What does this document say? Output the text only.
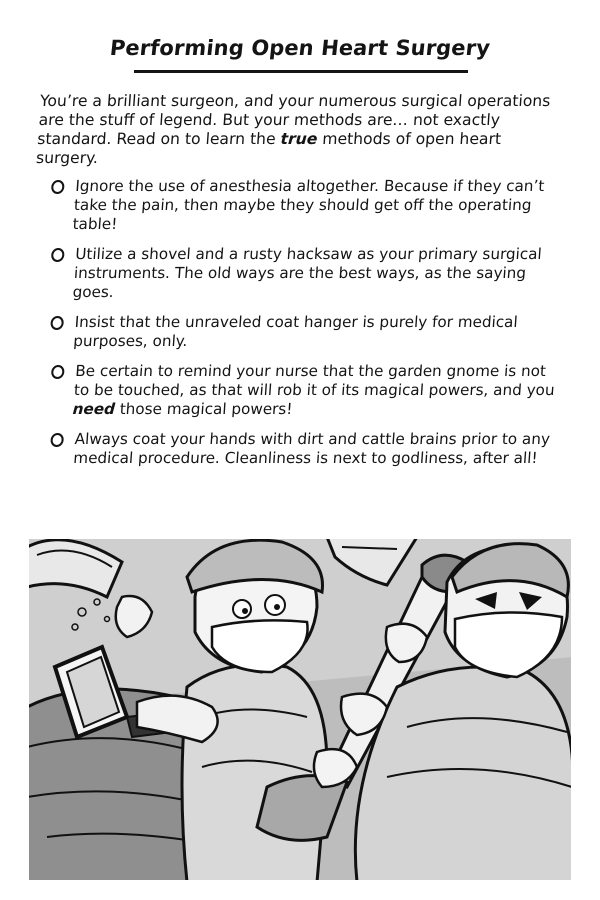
Performing Open Heart Surgery

You’re a brilliant surgeon, and your numerous surgical operations are the stuff of legend. But your methods are… not exactly standard. Read on to learn the true methods of open heart surgery.

Ignore the use of anesthesia altogether. Because if they can’t take the pain, then maybe they should get off the operating table!
Utilize a shovel and a rusty hacksaw as your primary surgical instruments. The old ways are the best ways, as the saying goes.
Insist that the unraveled coat hanger is purely for medical purposes, only.
Be certain to remind your nurse that the garden gnome is not to be touched, as that will rob it of its magical powers, and you need those magical powers!
Always coat your hands with dirt and cattle brains prior to any medical procedure. Cleanliness is next to godliness, after all!
